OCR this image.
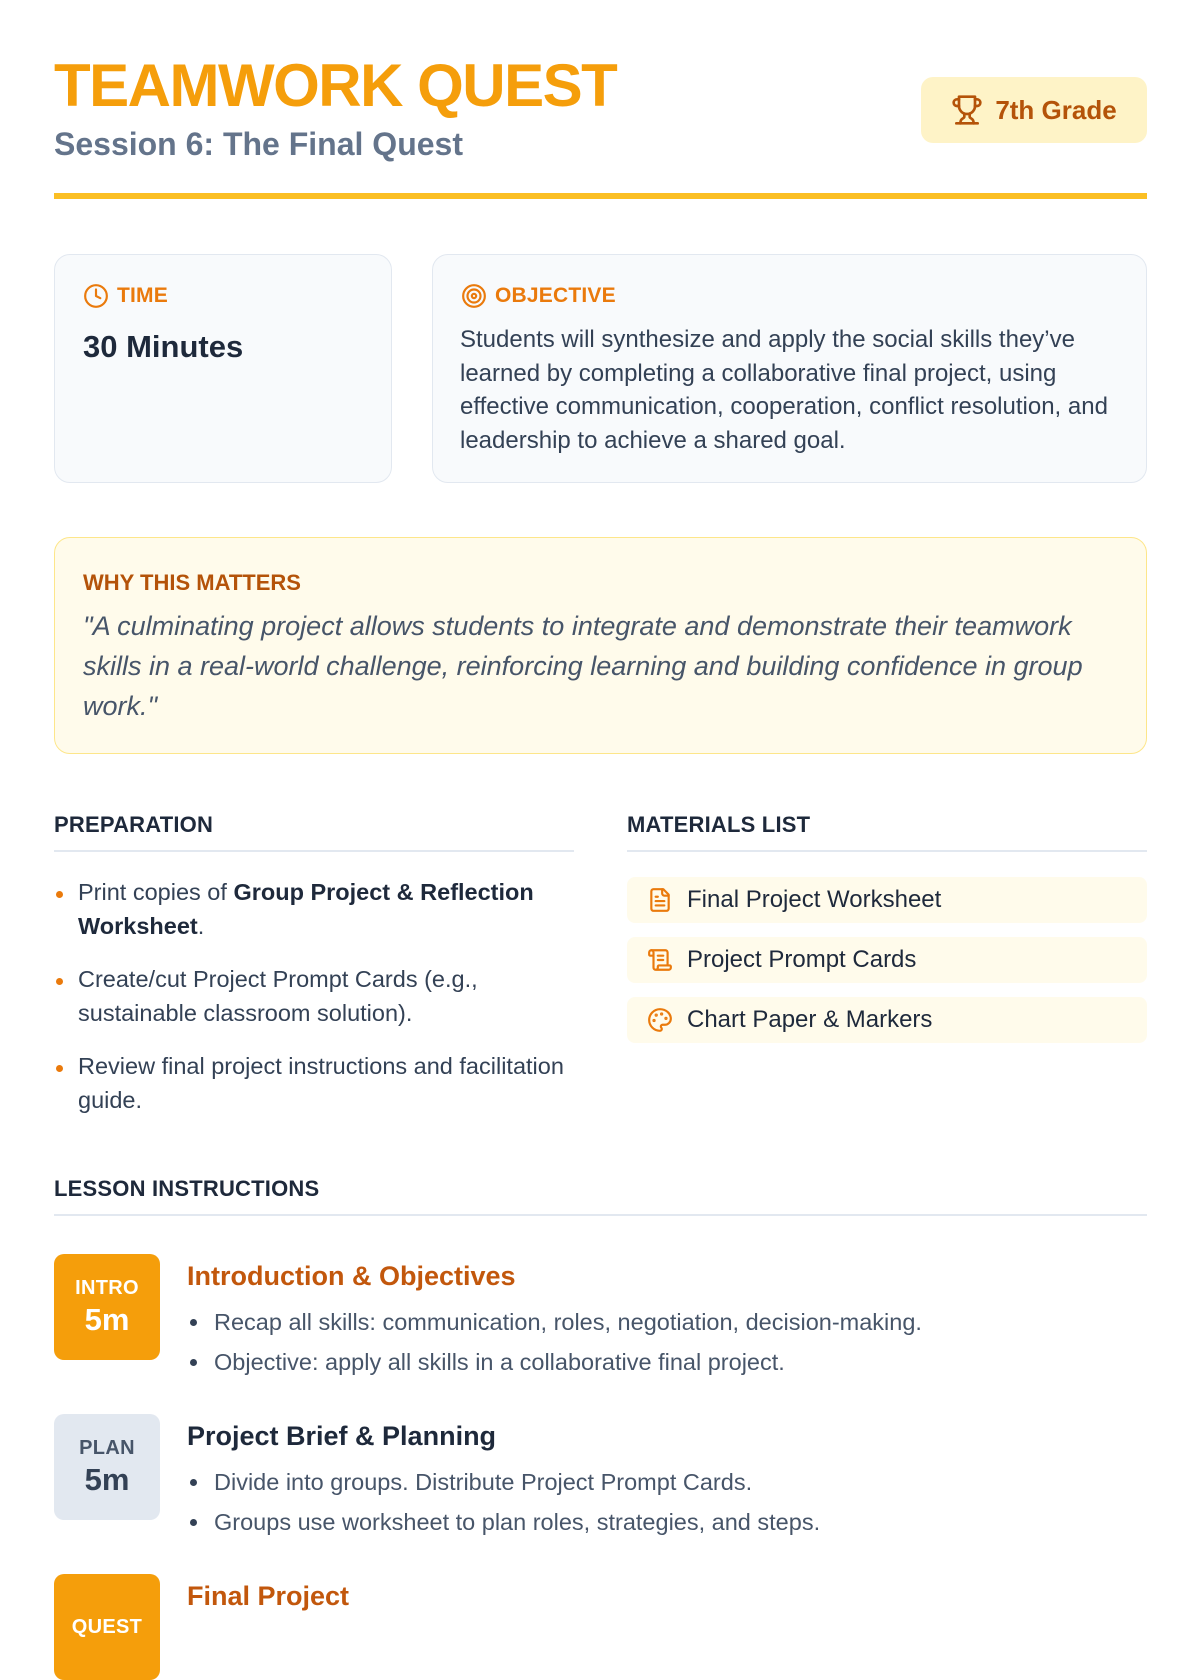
TEAMWORK QUEST
Session 6: The Final Quest
7th Grade
TIME
30 Minutes
OBJECTIVE
Students will synthesize and apply the social skills they’ve learned by completing a collaborative final project, using effective communication, cooperation, conflict resolution, and leadership to achieve a shared goal.
WHY THIS MATTERS
"A culminating project allows students to integrate and demonstrate their teamwork skills in a real-world challenge, reinforcing learning and building confidence in group work."
PREPARATION
Print copies of Group Project & Reflection Worksheet.
Create/cut Project Prompt Cards (e.g., sustainable classroom solution).
Review final project instructions and facilitation guide.
MATERIALS LIST
Final Project Worksheet
Project Prompt Cards
Chart Paper & Markers
LESSON INSTRUCTIONS
INTRO
5m
Introduction & Objectives
Recap all skills: communication, roles, negotiation, decision-making.
Objective: apply all skills in a collaborative final project.
PLAN
5m
Project Brief & Planning
Divide into groups. Distribute Project Prompt Cards.
Groups use worksheet to plan roles, strategies, and steps.
QUEST
Final Project
